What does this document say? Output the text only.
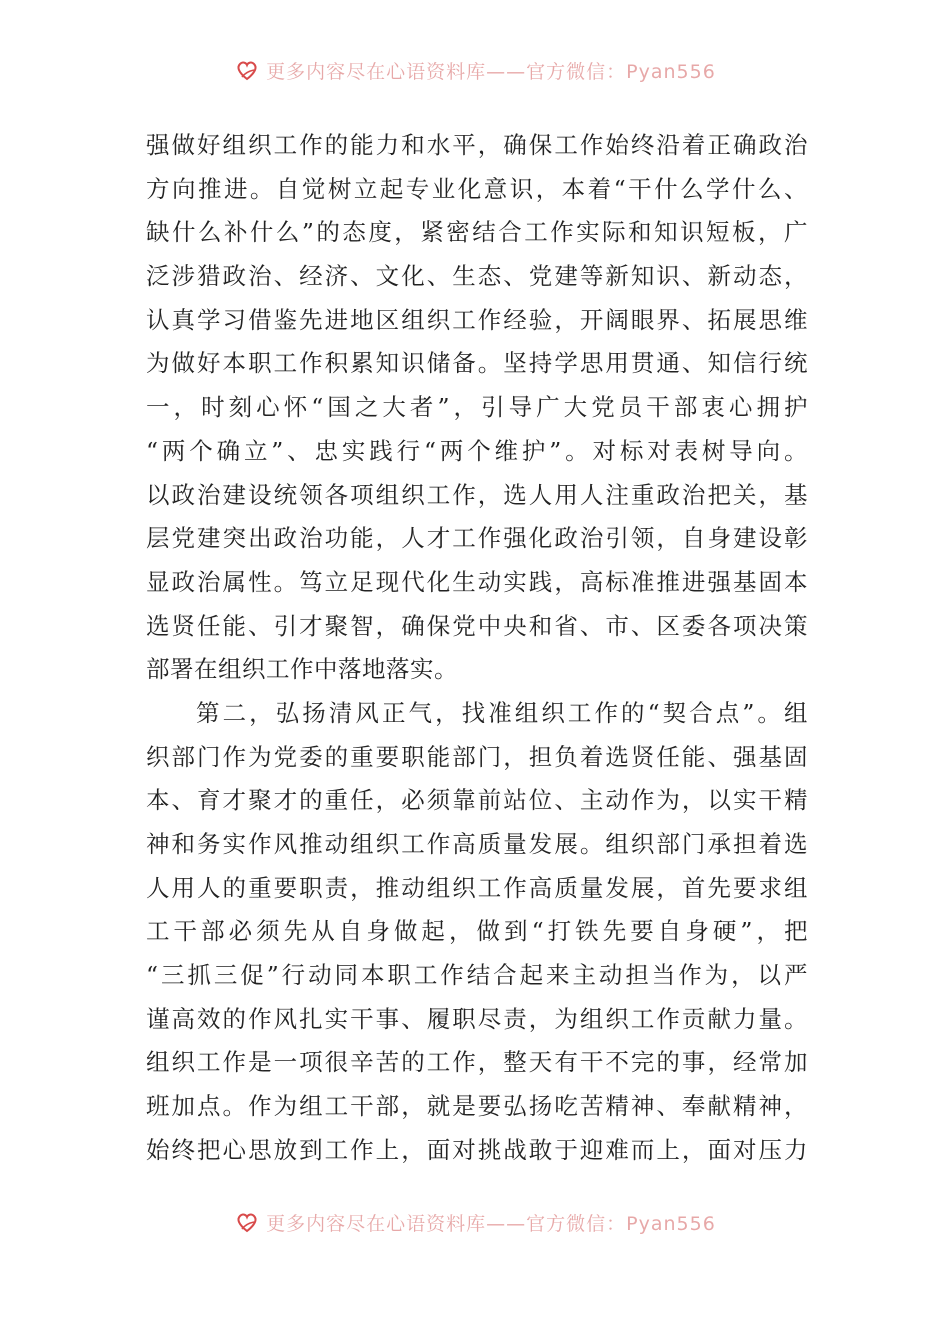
更多内容尽在心语资料库——官方微信：Pyan556
强做好组织工作的能力和水平，确保工作始终沿着正确政治
方向推进。自觉树立起专业化意识，本着“干什么学什么、
缺什么补什么”的态度，紧密结合工作实际和知识短板，广
泛涉猎政治、经济、文化、生态、党建等新知识、新动态，
认真学习借鉴先进地区组织工作经验，开阔眼界、拓展思维
为做好本职工作积累知识储备。坚持学思用贯通、知信行统
一，时刻心怀“国之大者”，引导广大党员干部衷心拥护
“两个确立”、忠实践行“两个维护”。对标对表树导向。
以政治建设统领各项组织工作，选人用人注重政治把关，基
层党建突出政治功能，人才工作强化政治引领，自身建设彰
显政治属性。笃立足现代化生动实践，高标准推进强基固本
选贤任能、引才聚智，确保党中央和省、市、区委各项决策
部署在组织工作中落地落实。
第二，弘扬清风正气，找准组织工作的“契合点”。组
织部门作为党委的重要职能部门，担负着选贤任能、强基固
本、育才聚才的重任，必须靠前站位、主动作为，以实干精
神和务实作风推动组织工作高质量发展。组织部门承担着选
人用人的重要职责，推动组织工作高质量发展，首先要求组
工干部必须先从自身做起，做到“打铁先要自身硬”，把
“三抓三促”行动同本职工作结合起来主动担当作为，以严
谨高效的作风扎实干事、履职尽责，为组织工作贡献力量。
组织工作是一项很辛苦的工作，整天有干不完的事，经常加
班加点。作为组工干部，就是要弘扬吃苦精神、奉献精神，
始终把心思放到工作上，面对挑战敢于迎难而上，面对压力
更多内容尽在心语资料库——官方微信：Pyan556
